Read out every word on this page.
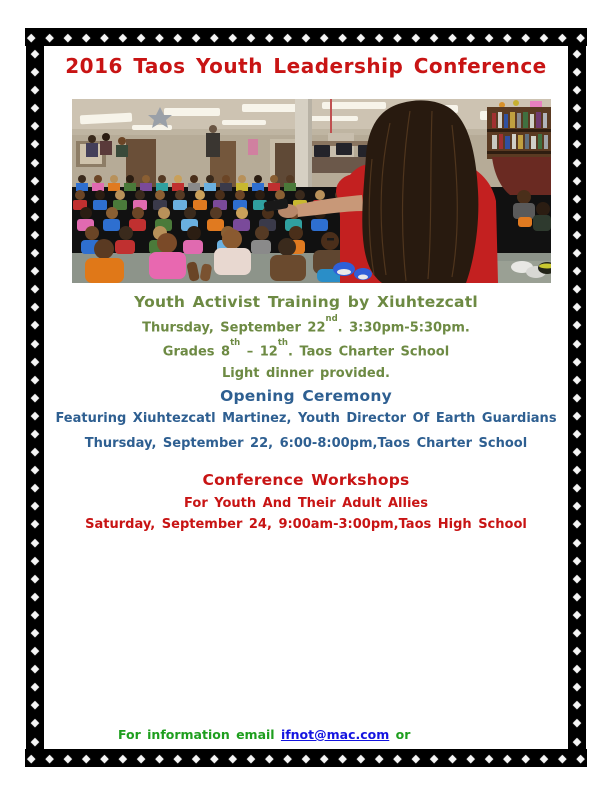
◆ ◆ ◆ ◆ ◆ ◆ ◆ ◆ ◆ ◆ ◆ ◆ ◆ ◆ ◆ ◆ ◆ ◆ ◆ ◆ ◆ ◆ ◆ ◆ ◆ ◆ ◆ ◆ ◆ ◆ ◆
◆ ◆ ◆ ◆ ◆ ◆ ◆ ◆ ◆ ◆ ◆ ◆ ◆ ◆ ◆ ◆ ◆ ◆ ◆ ◆ ◆ ◆ ◆ ◆ ◆ ◆ ◆ ◆ ◆ ◆ ◆
◆
◆
◆
◆
◆
◆
◆
◆
◆
◆
◆
◆
◆
◆
◆
◆
◆
◆
◆
◆
◆
◆
◆
◆
◆
◆
◆
◆
◆
◆
◆
◆
◆
◆
◆
◆
◆
◆
◆
◆
◆
◆
◆
◆
◆
◆
◆
◆
◆
◆
◆
◆
◆
◆
◆
◆
◆
◆
◆
◆
◆
◆
◆
◆
◆
◆
◆
◆
◆
◆
◆
◆
◆
◆
◆
◆
◆
◆
2016 Taos Youth Leadership Conference
Youth Activist Training by Xiuhtezcatl
Thursday, September 22nd. 3:30pm-5:30pm.
Grades 8th – 12th. Taos Charter School
Light dinner provided.
Opening Ceremony
Featuring Xiuhtezcatl Martinez, Youth Director Of Earth Guardians
Thursday, September 22, 6:00-8:00pm,Taos Charter School
Conference Workshops
For Youth And Their Adult Allies
Saturday, September 24, 9:00am-3:00pm,Taos High School
For information email ifnot@mac.com or
